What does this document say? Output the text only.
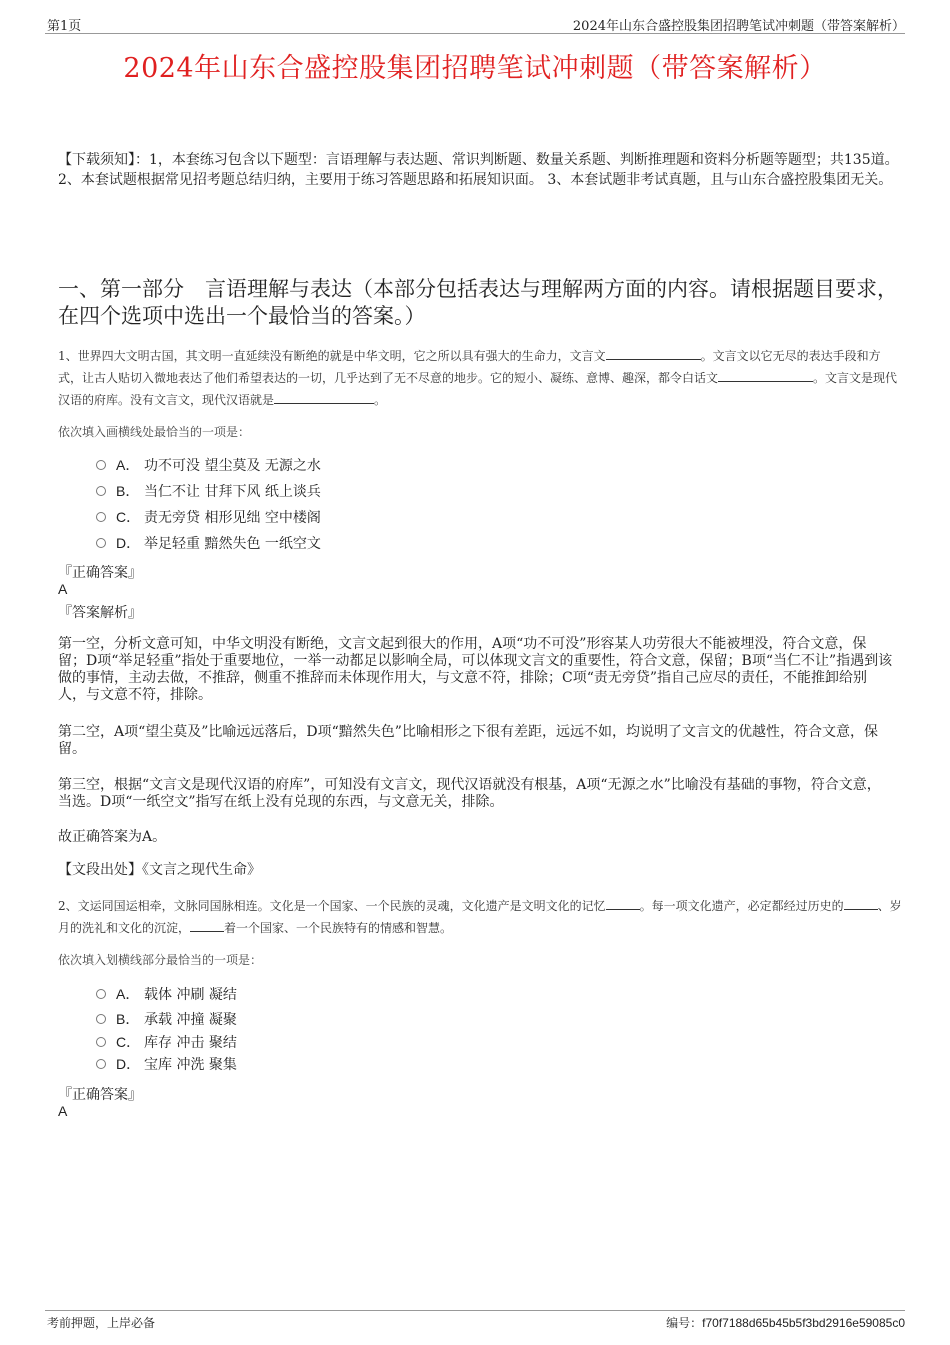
第1页	2024年山东合盛控股集团招聘笔试冲刺题（带答案解析）
2024年山东合盛控股集团招聘笔试冲刺题（带答案解析）
【下载须知】：1，本套练习包含以下题型：言语理解与表达题、常识判断题、数量关系题、判断推理题和资料分析题等题型；共135道。 2、本套试题根据常见招考题总结归纳，主要用于练习答题思路和拓展知识面。 3、本套试题非考试真题，且与山东合盛控股集团无关。
一、第一部分　言语理解与表达（本部分包括表达与理解两方面的内容。请根据题目要求，在四个选项中选出一个最恰当的答案。）
1、世界四大文明古国，其文明一直延续没有断绝的就是中华文明，它之所以具有强大的生命力，文言文	。文言文以它无尽的表达手段和方式，让古人贴切入微地表达了他们希望表达的一切，几乎达到了无不尽意的地步。它的短小、凝练、意博、趣深，都令白话文	。文言文是现代汉语的府库。没有文言文，现代汉语就是	。
依次填入画横线处最恰当的一项是：
A． 功不可没 望尘莫及 无源之水
B． 当仁不让 甘拜下风 纸上谈兵
C． 责无旁贷 相形见绌 空中楼阁
D． 举足轻重 黯然失色 一纸空文
『正确答案』
A
『答案解析』
第一空，分析文意可知，中华文明没有断绝，文言文起到很大的作用，A项“功不可没”形容某人功劳很大不能被埋没，符合文意，保留；D项“举足轻重”指处于重要地位，一举一动都足以影响全局，可以体现文言文的重要性，符合文意，保留；B项“当仁不让”指遇到该做的事情，主动去做，不推辞，侧重不推辞而未体现作用大，与文意不符，排除；C项“责无旁贷”指自己应尽的责任，不能推卸给别人，与文意不符，排除。
第二空，A项“望尘莫及”比喻远远落后，D项“黯然失色”比喻相形之下很有差距，远远不如，均说明了文言文的优越性，符合文意，保留。
第三空，根据“文言文是现代汉语的府库”，可知没有文言文，现代汉语就没有根基，A项“无源之水”比喻没有基础的事物，符合文意，当选。D项“一纸空文”指写在纸上没有兑现的东西，与文意无关，排除。
故正确答案为A。
【文段出处】《文言之现代生命》
2、文运同国运相牵，文脉同国脉相连。文化是一个国家、一个民族的灵魂，文化遗产是文明文化的记忆	。每一项文化遗产，必定都经过历史的	、岁月的洗礼和文化的沉淀，	着一个国家、一个民族特有的情感和智慧。
依次填入划横线部分最恰当的一项是：
A． 载体 冲刷 凝结
B． 承载 冲撞 凝聚
C． 库存 冲击 聚结
D． 宝库 冲洗 聚集
『正确答案』
A
考前押题，上岸必备	编号：f70f7188d65b45b5f3bd2916e59085c0
